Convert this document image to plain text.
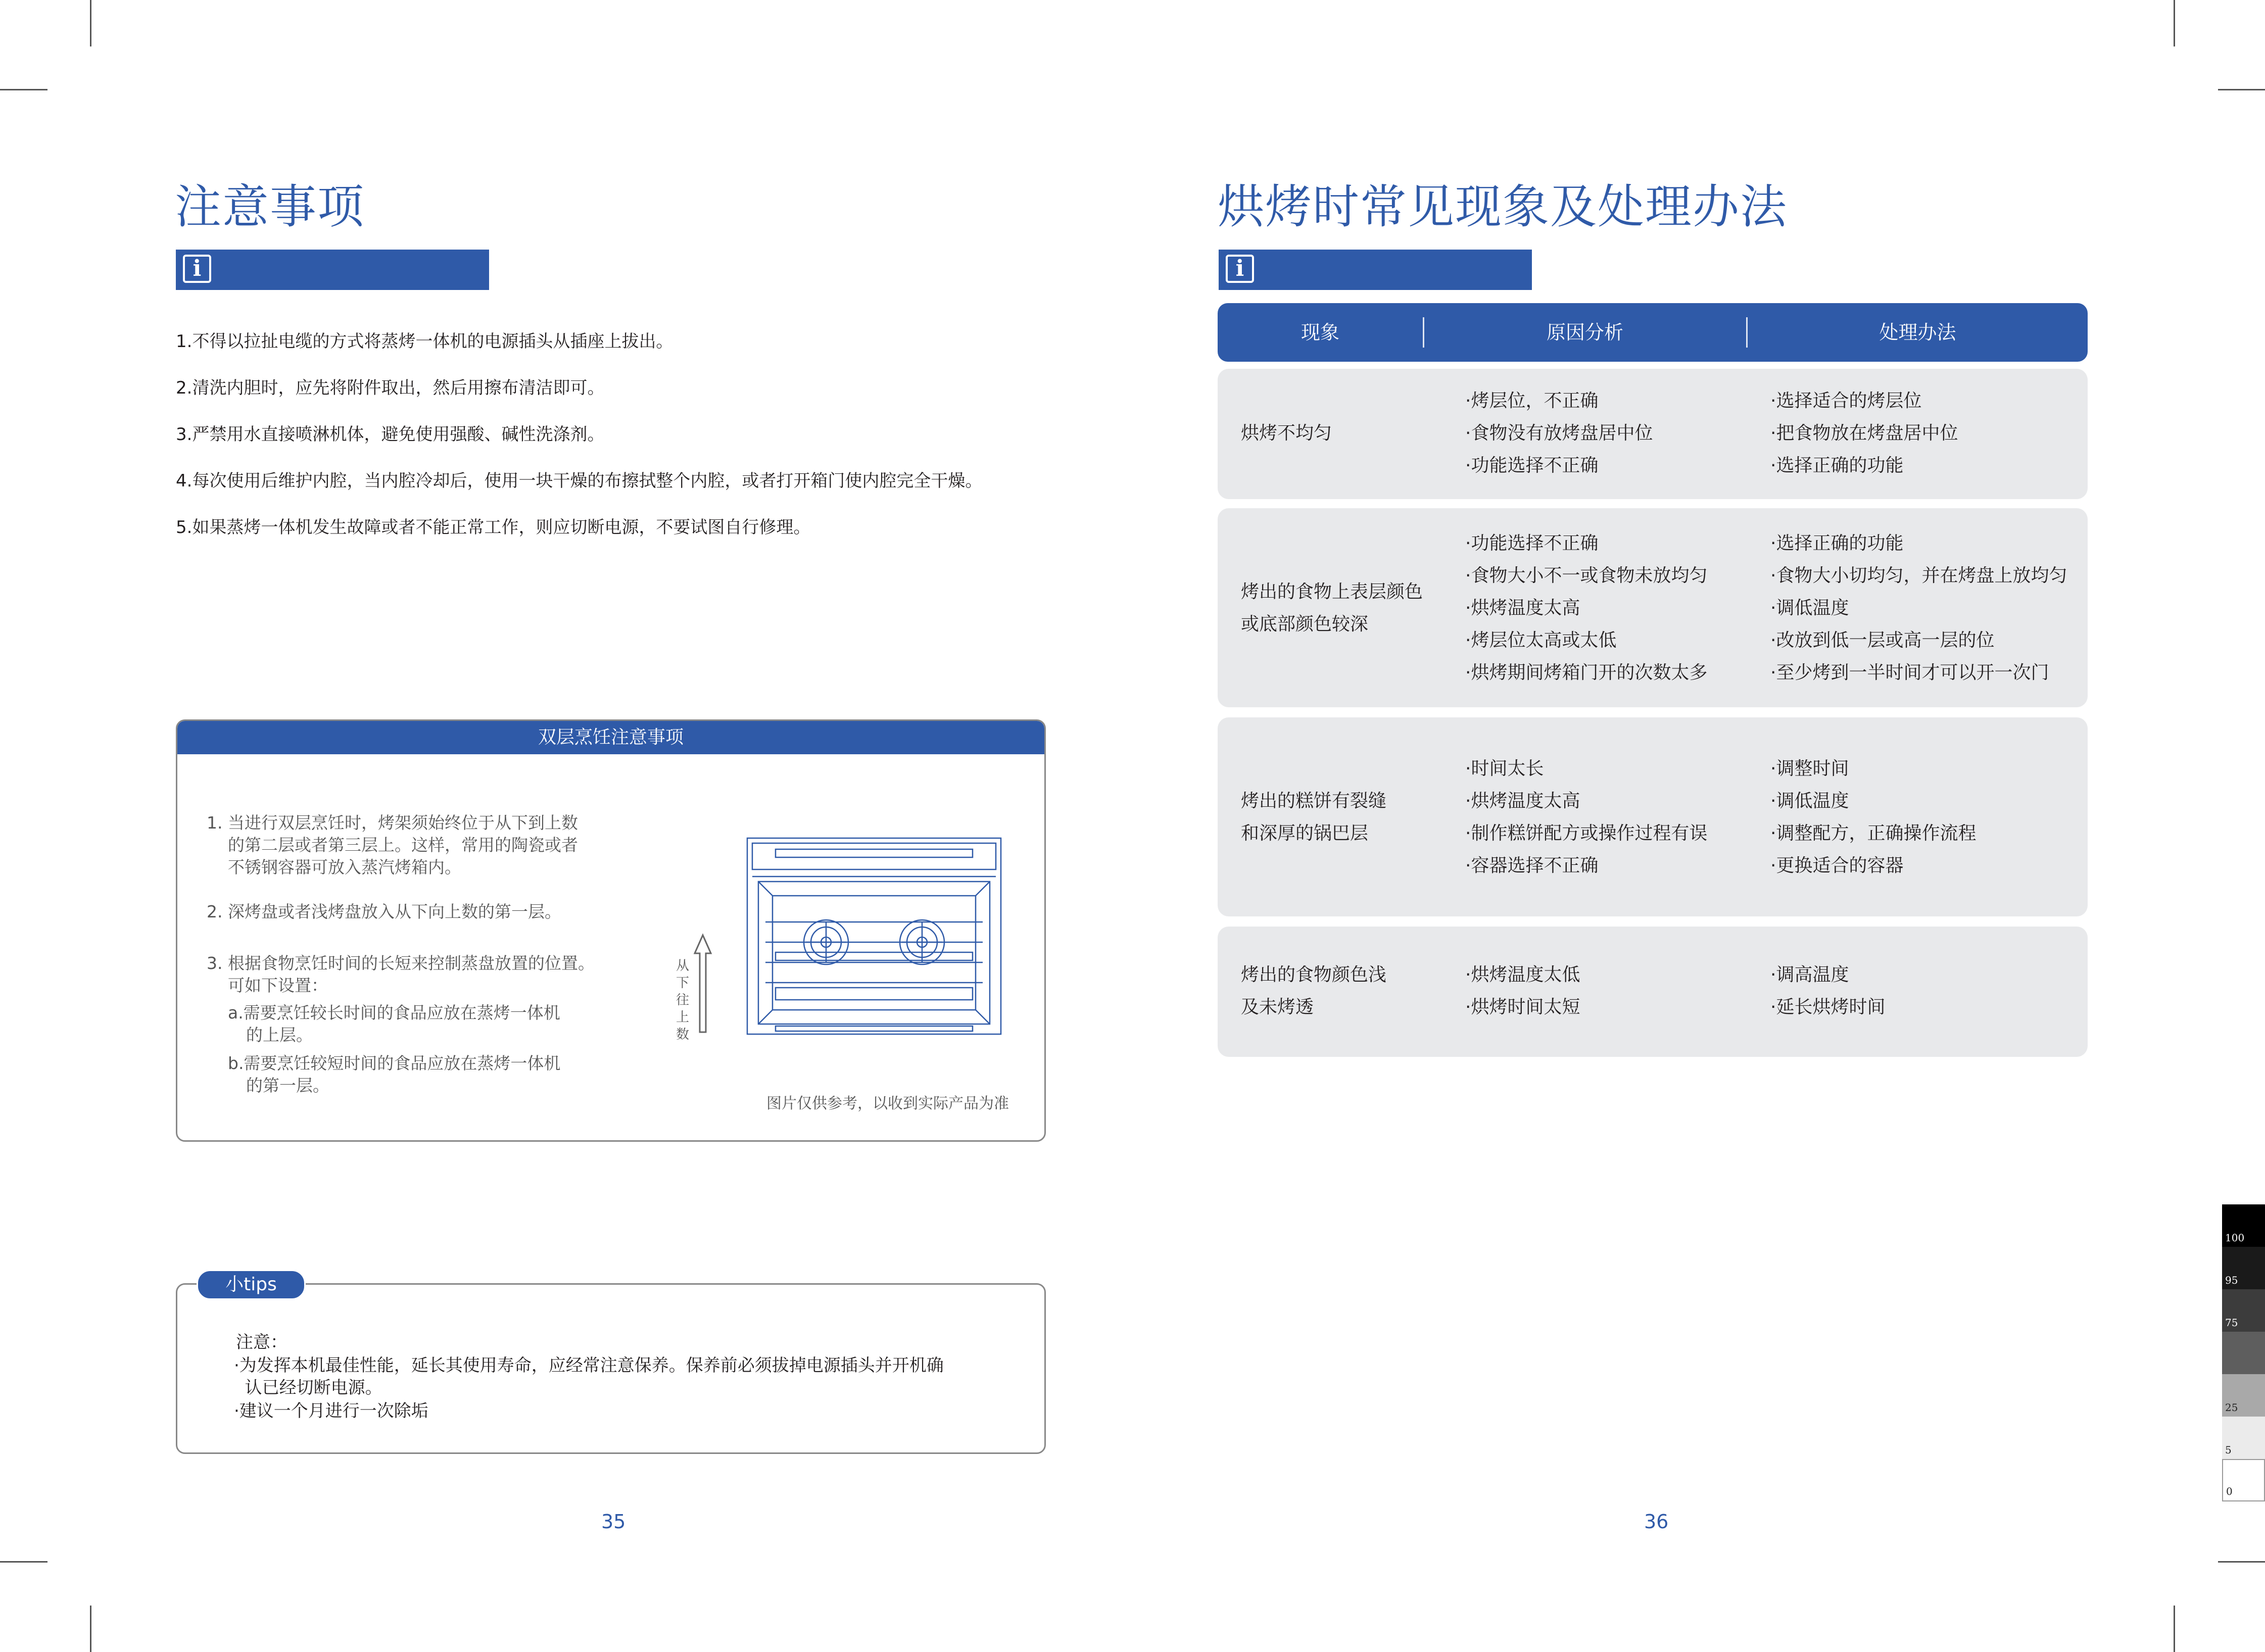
注意事项
i
1.不得以拉扯电缆的方式将蒸烤一体机的电源插头从插座上拔出。
2.清洗内胆时，应先将附件取出，然后用擦布清洁即可。
3.严禁用水直接喷淋机体，避免使用强酸、碱性洗涤剂。
4.每次使用后维护内腔，当内腔冷却后，使用一块干燥的布擦拭整个内腔，或者打开箱门使内腔完全干燥。
5.如果蒸烤一体机发生故障或者不能正常工作，则应切断电源，不要试图自行修理。
双层烹饪注意事项
1. 当进行双层烹饪时，烤架须始终位于从下到上数
的第二层或者第三层上。这样，常用的陶瓷或者
不锈钢容器可放入蒸汽烤箱内。
2. 深烤盘或者浅烤盘放入从下向上数的第一层。
3. 根据食物烹饪时间的长短来控制蒸盘放置的位置。
可如下设置：
a.需要烹饪较长时间的食品应放在蒸烤一体机
的上层。
b.需要烹饪较短时间的食品应放在蒸烤一体机
的第一层。
从
下
往
上
数
图片仅供参考，以收到实际产品为准
小tips
注意：
·为发挥本机最佳性能，延长其使用寿命，应经常注意保养。保养前必须拔掉电源插头并开机确
认已经切断电源。
·建议一个月进行一次除垢
35
烘烤时常见现象及处理办法
i
现象	原因分析	处理办法
烘烤不均匀
·烤层位，不正确
·食物没有放烤盘居中位
·功能选择不正确
·选择适合的烤层位
·把食物放在烤盘居中位
·选择正确的功能
烤出的食物上表层颜色
或底部颜色较深
·功能选择不正确
·食物大小不一或食物未放均匀
·烘烤温度太高
·烤层位太高或太低
·烘烤期间烤箱门开的次数太多
·选择正确的功能
·食物大小切均匀，并在烤盘上放均匀
·调低温度
·改放到低一层或高一层的位
·至少烤到一半时间才可以开一次门
烤出的糕饼有裂缝
和深厚的锅巴层
·时间太长
·烘烤温度太高
·制作糕饼配方或操作过程有误
·容器选择不正确
·调整时间
·调低温度
·调整配方，正确操作流程
·更换适合的容器
烤出的食物颜色浅
及未烤透
·烘烤温度太低
·烘烤时间太短
·调高温度
·延长烘烤时间
36
100
95
75
25
5
0
